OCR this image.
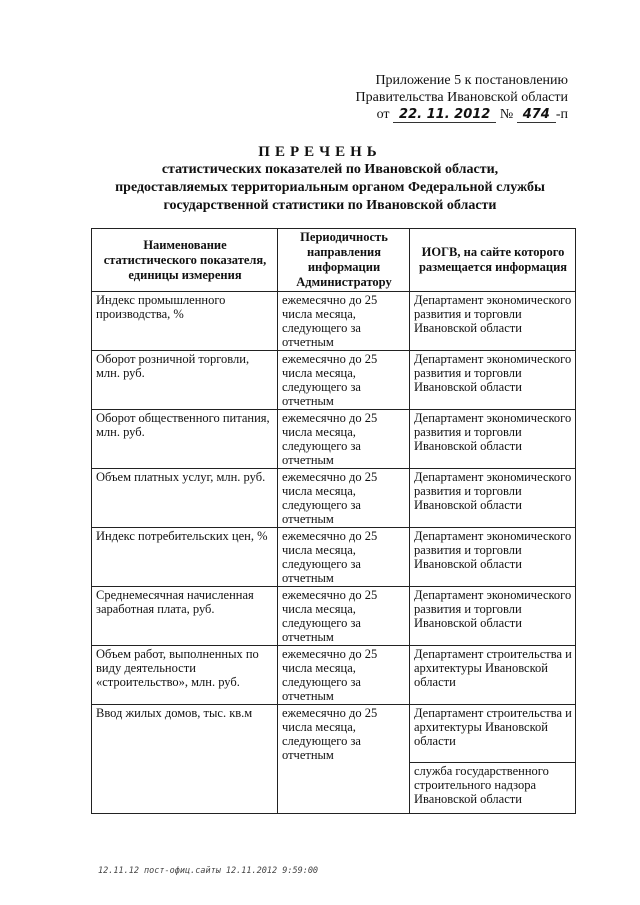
Приложение 5 к постановлению
Правительства Ивановской области
от 22. 11. 2012 № 474 -п
ПЕРЕЧЕНЬ
статистических показателей по Ивановской области,
предоставляемых территориальным органом Федеральной службы
государственной статистики по Ивановской области
Наименование статистического показателя, единицы измерения	Периодичность направления информации Администратору	ИОГВ, на сайте которого размещается информация
Индекс промышленного производства, %	ежемесячно до 25 числа месяца, следующего за отчетным	Департамент экономического развития и торговли Ивановской области
Оборот розничной торговли, млн. руб.	ежемесячно до 25 числа месяца, следующего за отчетным	Департамент экономического развития и торговли Ивановской области
Оборот общественного питания, млн. руб.	ежемесячно до 25 числа месяца, следующего за отчетным	Департамент экономического развития и торговли Ивановской области
Объем платных услуг, млн. руб.	ежемесячно до 25 числа месяца, следующего за отчетным	Департамент экономического развития и торговли Ивановской области
Индекс потребительских цен, %	ежемесячно до 25 числа месяца, следующего за отчетным	Департамент экономического развития и торговли Ивановской области
Среднемесячная начисленная заработная плата, руб.	ежемесячно до 25 числа месяца, следующего за отчетным	Департамент экономического развития и торговли Ивановской области
Объем работ, выполненных по виду деятельности «строительство», млн. руб.	ежемесячно до 25 числа месяца, следующего за отчетным	Департамент строительства и архитектуры Ивановской области
Ввод жилых домов, тыс. кв.м	ежемесячно до 25 числа месяца, следующего за отчетным	Департамент строительства и архитектуры Ивановской области
		служба государственного строительного надзора Ивановской области
12.11.12 пост-офиц.сайты 12.11.2012 9:59:00
